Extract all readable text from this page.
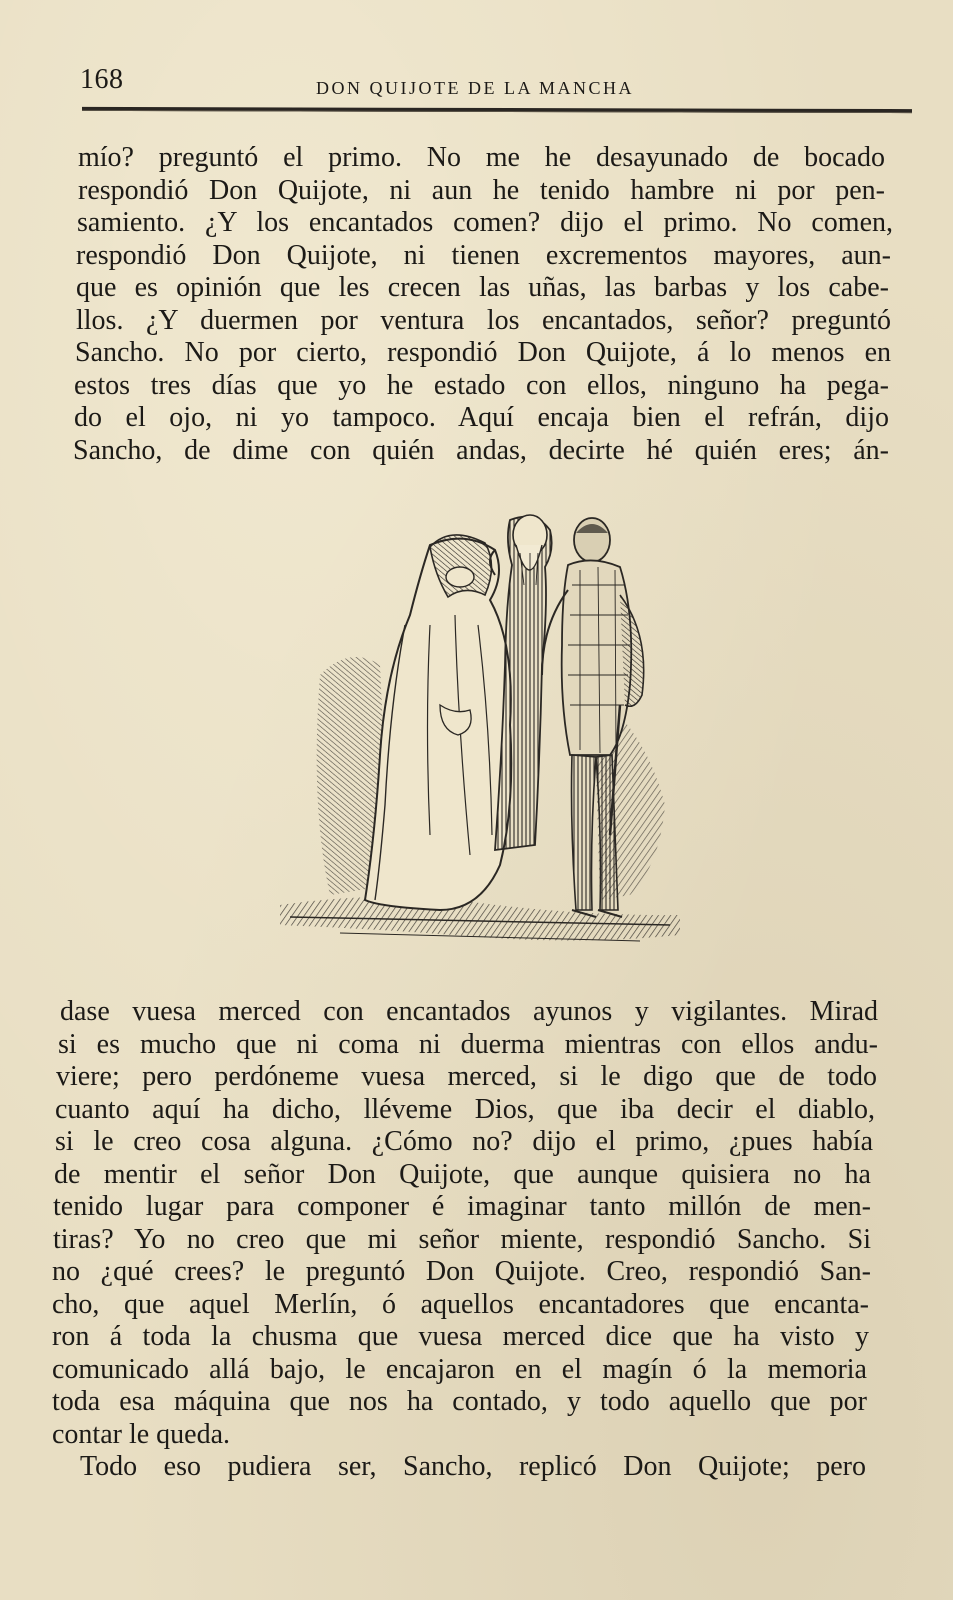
168	DON QUIJOTE DE LA MANCHA
mío? preguntó el primo. No me he desayunado de bocado
respondió Don Quijote, ni aun he tenido hambre ni por pen-
samiento. ¿Y los encantados comen? dijo el primo. No comen,
respondió Don Quijote, ni tienen excrementos mayores, aun-
que es opinión que les crecen las uñas, las barbas y los cabe-
llos. ¿Y duermen por ventura los encantados, señor? preguntó
Sancho. No por cierto, respondió Don Quijote, á lo menos en
estos tres días que yo he estado con ellos, ninguno ha pega-
do el ojo, ni yo tampoco. Aquí encaja bien el refrán, dijo
Sancho, de dime con quién andas, decirte hé quién eres; án-
dase vuesa merced con encantados ayunos y vigilantes. Mirad
si es mucho que ni coma ni duerma mientras con ellos andu-
viere; pero perdóneme vuesa merced, si le digo que de todo
cuanto aquí ha dicho, lléveme Dios, que iba decir el diablo,
si le creo cosa alguna. ¿Cómo no? dijo el primo, ¿pues había
de mentir el señor Don Quijote, que aunque quisiera no ha
tenido lugar para componer é imaginar tanto millón de men-
tiras? Yo no creo que mi señor miente, respondió Sancho. Si
no ¿qué crees? le preguntó Don Quijote. Creo, respondió San-
cho, que aquel Merlín, ó aquellos encantadores que encanta-
ron á toda la chusma que vuesa merced dice que ha visto y
comunicado allá bajo, le encajaron en el magín ó la memoria
toda esa máquina que nos ha contado, y todo aquello que por
contar le queda.
Todo eso pudiera ser, Sancho, replicó Don Quijote; pero
